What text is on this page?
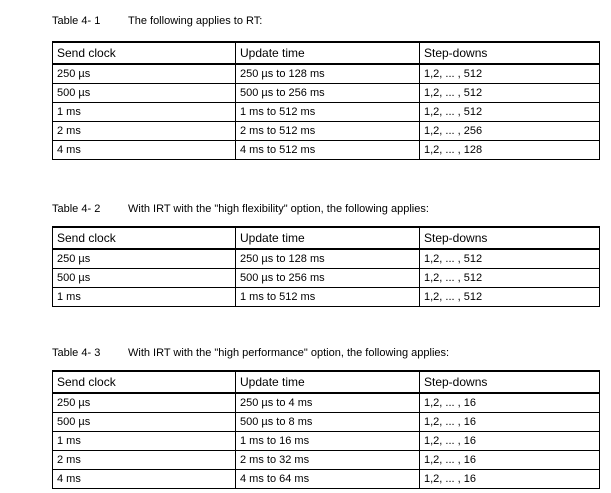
Table 4- 1	The following applies to RT:
Send clock	Update time	Step-downs
250 µs	250 µs to 128 ms	1,2, ... , 512
500 µs	500 µs to 256 ms	1,2, ... , 512
1 ms	1 ms to 512 ms	1,2, ... , 512
2 ms	2 ms to 512 ms	1,2, ... , 256
4 ms	4 ms to 512 ms	1,2, ... , 128
Table 4- 2	With IRT with the "high flexibility" option, the following applies:
Send clock	Update time	Step-downs
250 µs	250 µs to 128 ms	1,2, ... , 512
500 µs	500 µs to 256 ms	1,2, ... , 512
1 ms	1 ms to 512 ms	1,2, ... , 512
Table 4- 3	With IRT with the "high performance" option, the following applies:
Send clock	Update time	Step-downs
250 µs	250 µs to 4 ms	1,2, ... , 16
500 µs	500 µs to 8 ms	1,2, ... , 16
1 ms	1 ms to 16 ms	1,2, ... , 16
2 ms	2 ms to 32 ms	1,2, ... , 16
4 ms	4 ms to 64 ms	1,2, ... , 16
